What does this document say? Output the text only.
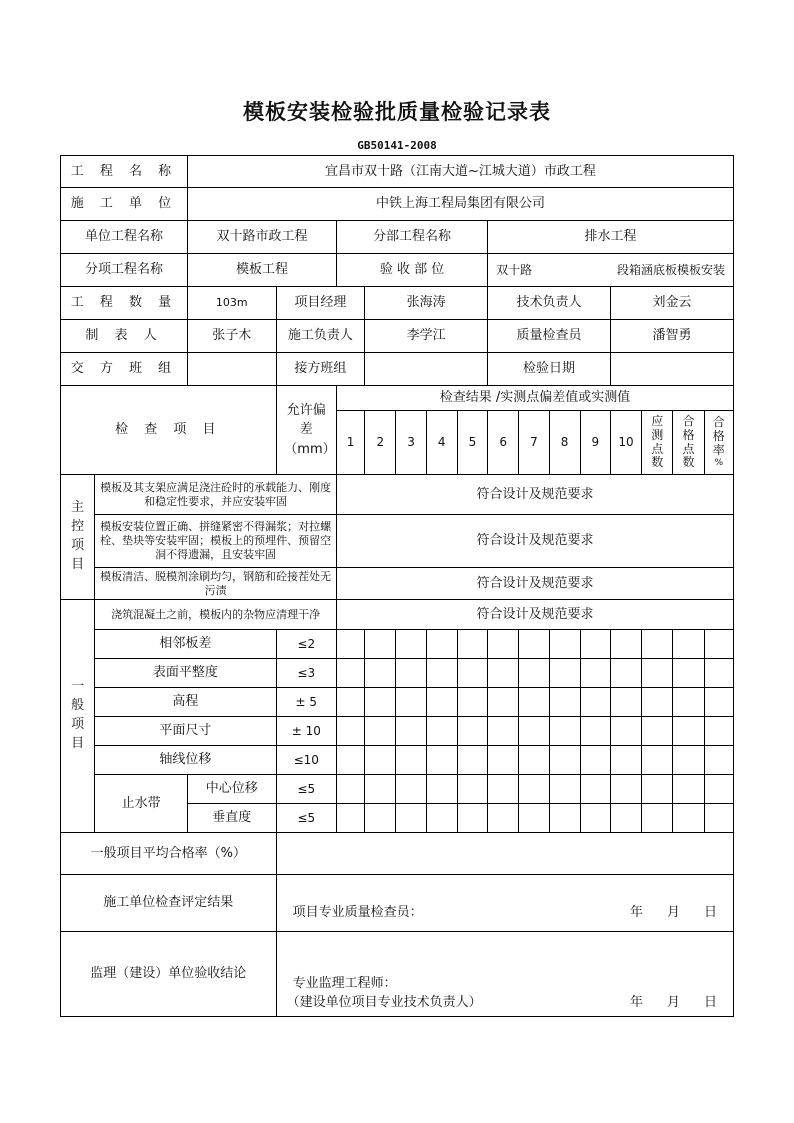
模板安装检验批质量检验记录表
GB50141-2008
工 程 名 称		宜昌市双十路（江南大道~江城大道）市政工程														
施 工 单 位		中铁上海工程局集团有限公司														
单位工程名称		双十路市政工程		分部工程名称					排水工程							
分项工程名称		模板工程		验 收 部 位					双十路 段箱涵底板模板安装							

工 程 数 量		103m	项目经理		张海涛				技术负责人				刘金云			
制 表 人		张子木	施工负责人		李学江				质量检查员				潘智勇			
交 方 班 组			接方班组						检验日期							
检 查 项 目			允许偏差（mm）	检查结果 /实测点偏差值或实测值												
				1	2	3	4	5	6	7	8	9	10	应测点数	合格点数	合格率
%

主控项目	模板及其支架应满足浇注砼时的承载能力、刚度和稳定性要求，并应安装牢固			符合设计及规范要求												
	模板安装位置正确、拼缝紧密不得漏浆；对拉螺栓、垫块等安装牢固；模板上的预埋件、预留空洞不得遗漏，且安装牢固			符合设计及规范要求												
	模板清洁、脱模剂涂刷均匀，钢筋和砼接茬处无污渍			符合设计及规范要求												

一般项目	浇筑混凝土之前，模板内的杂物应清理干净			符合设计及规范要求												
	相邻板差		≤2													
	表面平整度		≤3													
	高程		± 5													
	平面尺寸		± 10													
	轴线位移		≤10													
	止水带	中心位移	≤5													
		垂直度	≤5													
一般项目平均合格率（%）																
施工单位检查评定结果			项目专业质量检查员： 年 月 日													

监理（建设）单位验收结论			专业监理工程师：
（建设单位项目专业技术负责人） 年 月 日													
